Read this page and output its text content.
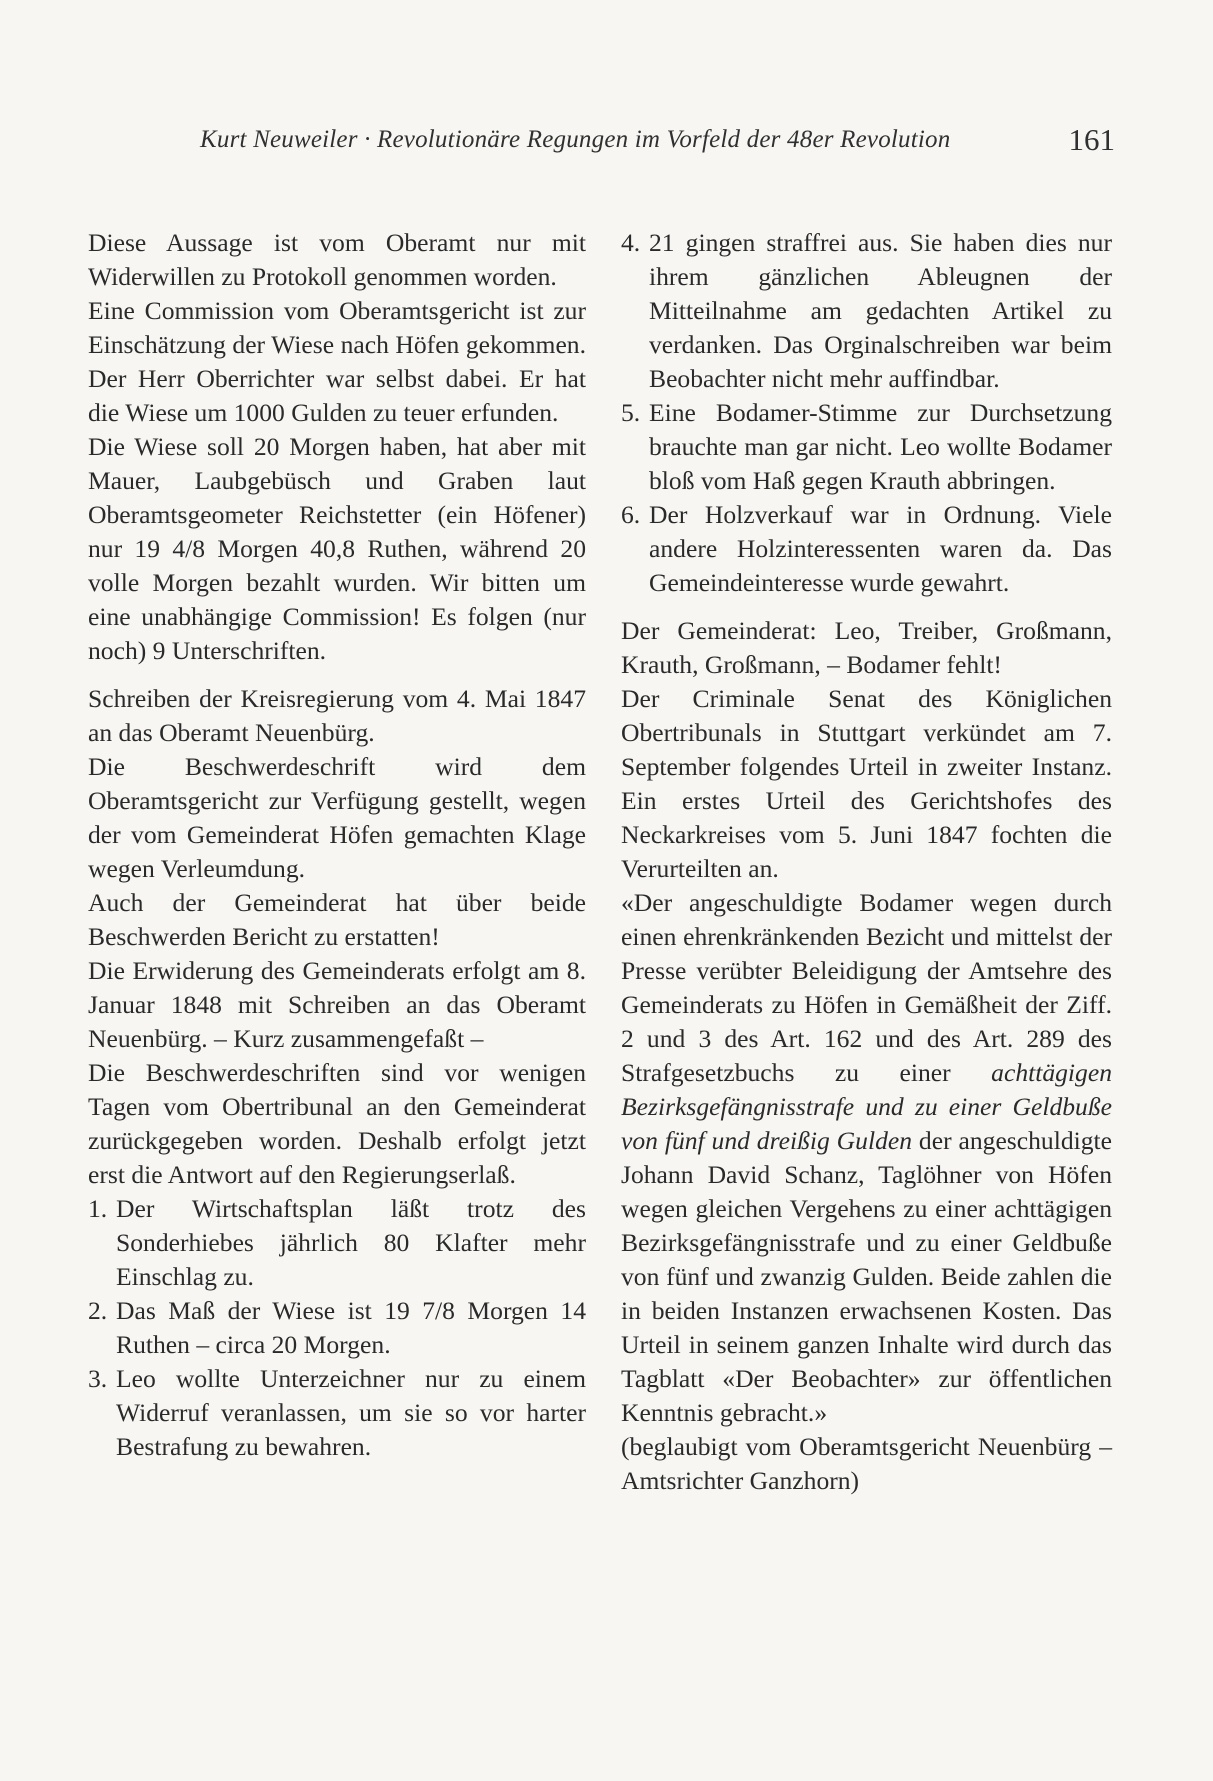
Kurt Neuweiler · Revolutionäre Regungen im Vorfeld der 48er Revolution	161

Diese Aussage ist vom Oberamt nur mit Widerwillen zu Protokoll genommen worden.

Eine Commission vom Oberamtsgericht ist zur Einschätzung der Wiese nach Höfen gekommen. Der Herr Oberrichter war selbst dabei. Er hat die Wiese um 1000 Gulden zu teuer erfunden.

Die Wiese soll 20 Morgen haben, hat aber mit Mauer, Laubgebüsch und Graben laut Oberamtsgeometer Reichstetter (ein Höfener) nur 19 4/8 Morgen 40,8 Ruthen, während 20 volle Morgen bezahlt wurden. Wir bitten um eine unabhängige Commission! Es folgen (nur noch) 9 Unterschriften.

Schreiben der Kreisregierung vom 4. Mai 1847 an das Oberamt Neuenbürg.

Die Beschwerdeschrift wird dem Oberamtsgericht zur Verfügung gestellt, wegen der vom Gemeinderat Höfen gemachten Klage wegen Verleumdung.

Auch der Gemeinderat hat über beide Beschwerden Bericht zu erstatten!

Die Erwiderung des Gemeinderats erfolgt am 8. Januar 1848 mit Schreiben an das Oberamt Neuenbürg. – Kurz zusammengefaßt –

Die Beschwerdeschriften sind vor wenigen Tagen vom Obertribunal an den Gemeinderat zurückgegeben worden. Deshalb erfolgt jetzt erst die Antwort auf den Regierungserlaß.

1. Der Wirtschaftsplan läßt trotz des Sonderhiebes jährlich 80 Klafter mehr Einschlag zu.
2. Das Maß der Wiese ist 19 7/8 Morgen 14 Ruthen – circa 20 Morgen.
3. Leo wollte Unterzeichner nur zu einem Widerruf veranlassen, um sie so vor harter Bestrafung zu bewahren.
4. 21 gingen straffrei aus. Sie haben dies nur ihrem gänzlichen Ableugnen der Mitteilnahme am gedachten Artikel zu verdanken. Das Orginalschreiben war beim Beobachter nicht mehr auffindbar.
5. Eine Bodamer-Stimme zur Durchsetzung brauchte man gar nicht. Leo wollte Bodamer bloß vom Haß gegen Krauth abbringen.
6. Der Holzverkauf war in Ordnung. Viele andere Holzinteressenten waren da. Das Gemeindeinteresse wurde gewahrt.

Der Gemeinderat: Leo, Treiber, Großmann, Krauth, Großmann, – Bodamer fehlt!

Der Criminale Senat des Königlichen Obertribunals in Stuttgart verkündet am 7. September folgendes Urteil in zweiter Instanz. Ein erstes Urteil des Gerichtshofes des Neckarkreises vom 5. Juni 1847 fochten die Verurteilten an.

«Der angeschuldigte Bodamer wegen durch einen ehrenkränkenden Bezicht und mittelst der Presse verübter Beleidigung der Amtsehre des Gemeinderats zu Höfen in Gemäßheit der Ziff. 2 und 3 des Art. 162 und des Art. 289 des Strafgesetzbuchs zu einer achttägigen Bezirksgefängnisstrafe und zu einer Geldbuße von fünf und dreißig Gulden der angeschuldigte Johann David Schanz, Taglöhner von Höfen wegen gleichen Vergehens zu einer achttägigen Bezirksgefängnisstrafe und zu einer Geldbuße von fünf und zwanzig Gulden. Beide zahlen die in beiden Instanzen erwachsenen Kosten. Das Urteil in seinem ganzen Inhalte wird durch das Tagblatt «Der Beobachter» zur öffentlichen Kenntnis gebracht.»

(beglaubigt vom Oberamtsgericht Neuenbürg – Amtsrichter Ganzhorn)
